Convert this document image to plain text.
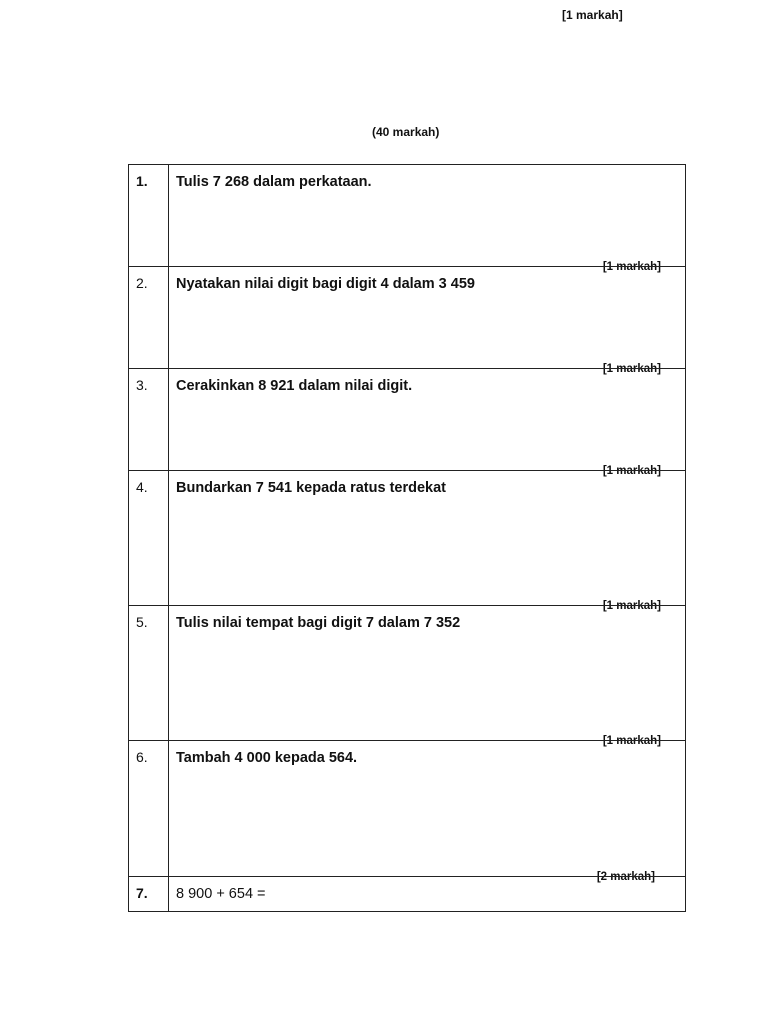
[1 markah]
(40 markah)
1.	Tulis 7 268 dalam perkataan.
[1 markah]

2.	Nyatakan nilai digit bagi digit 4 dalam 3 459
[1 markah]

3.	Cerakinkan 8 921 dalam nilai digit.
[1 markah]

4.	Bundarkan 7 541 kepada ratus terdekat
[1 markah]

5.	Tulis nilai tempat bagi digit 7 dalam 7 352
[1 markah]

6.	Tambah 4 000 kepada 564.
[2 markah]

7.	8 900 + 654 =
